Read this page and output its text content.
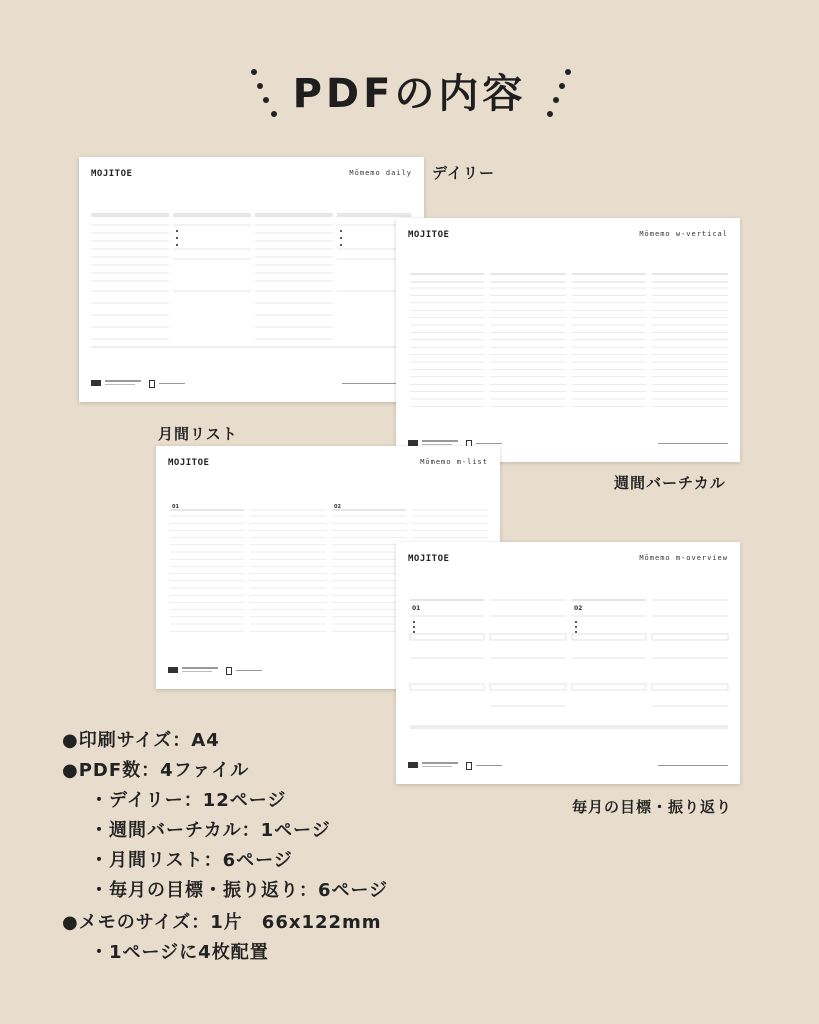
PDFの内容
MOJITOE	Mōmemo daily デイリー
MOJITOE	Mōmemo w-vertical
週間バーチカル
月間リスト
MOJITOE	Mōmemo m-list
01	02
MOJITOE	Mōmemo m-overview
01	02
毎月の目標・振り返り
●印刷サイズ：A4
●PDF数：4ファイル
・デイリー：12ページ
・週間バーチカル：1ページ
・月間リスト：6ページ
・毎月の目標・振り返り：6ページ
●メモのサイズ：1片　66x122mm
・1ページに4枚配置
